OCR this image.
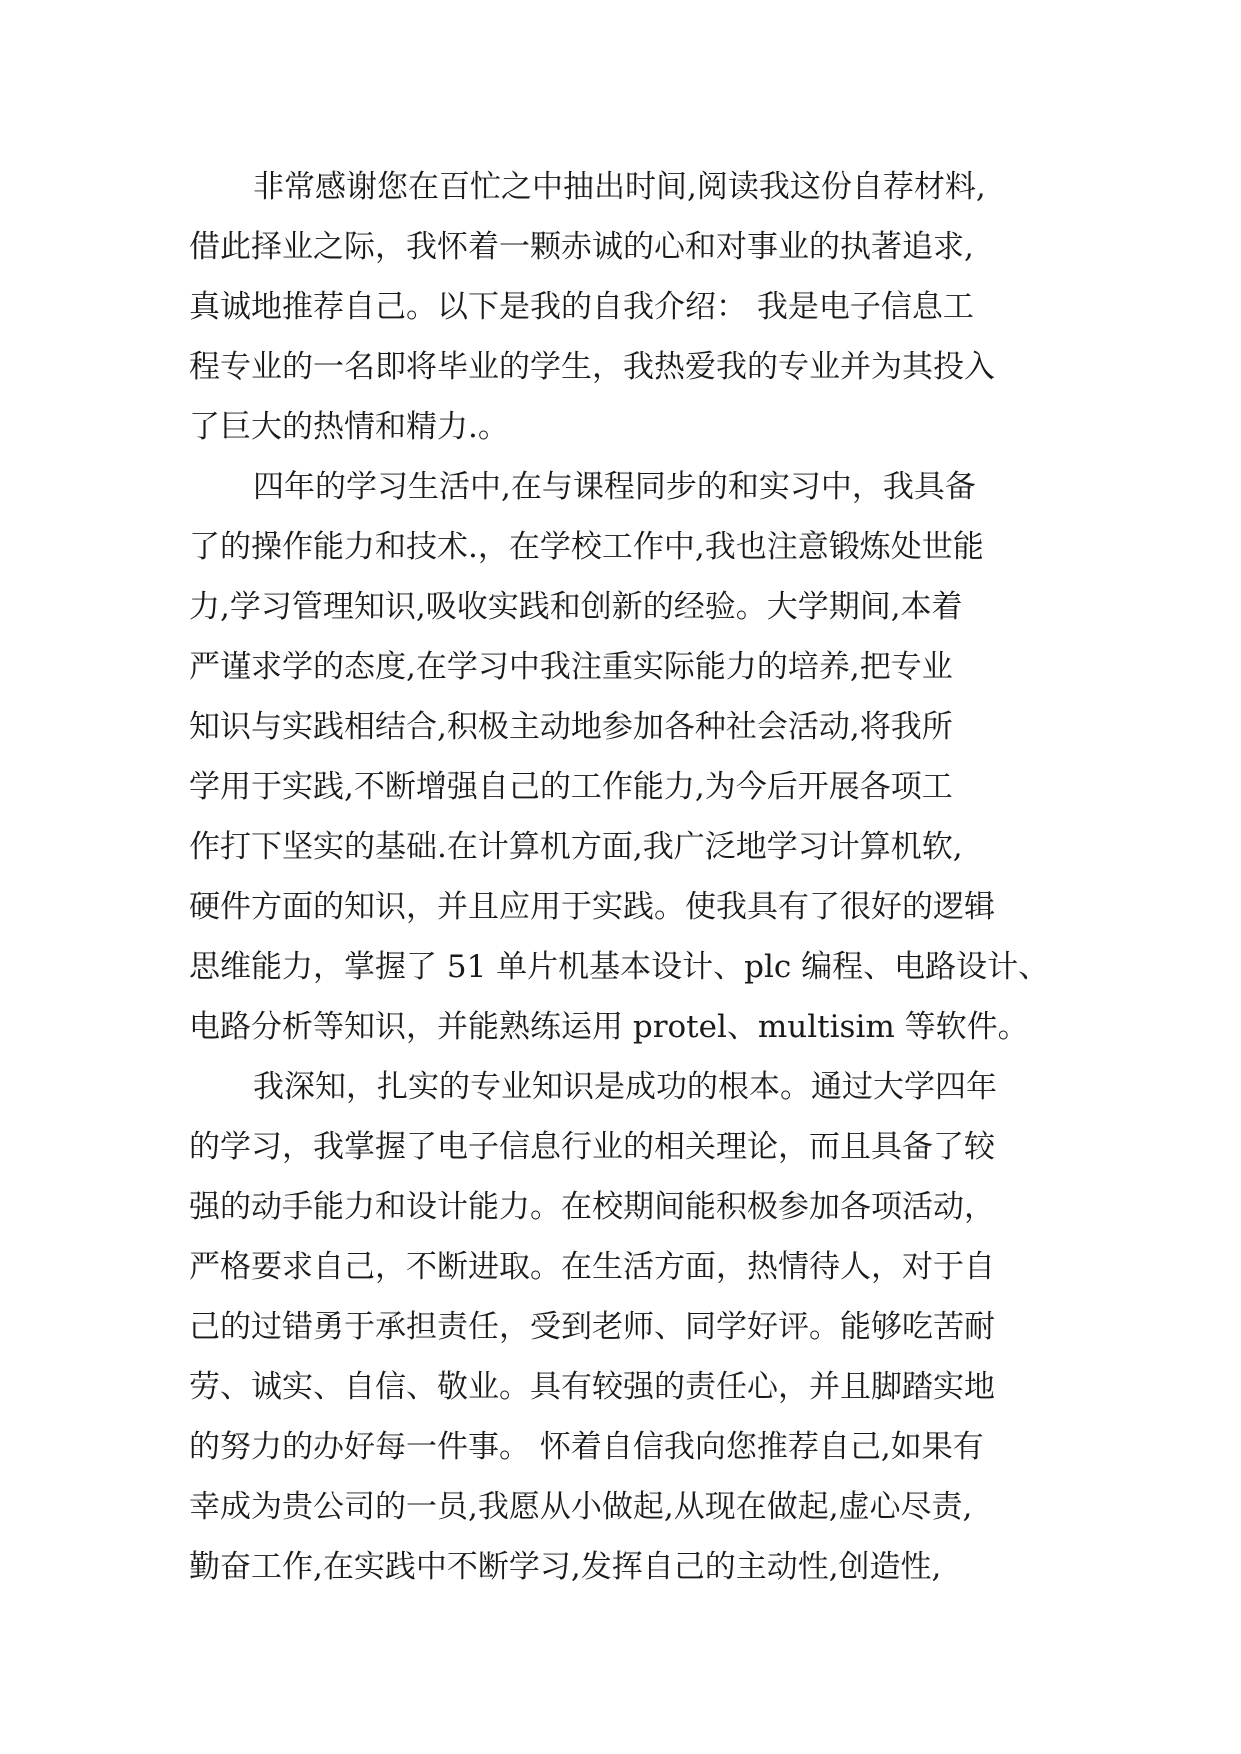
非常感谢您在百忙之中抽出时间,阅读我这份自荐材料,
借此择业之际，我怀着一颗赤诚的心和对事业的执著追求,
真诚地推荐自己。以下是我的自我介绍： 我是电子信息工
程专业的一名即将毕业的学生，我热爱我的专业并为其投入
了巨大的热情和精力.。
四年的学习生活中,在与课程同步的和实习中，我具备
了的操作能力和技术.，在学校工作中,我也注意锻炼处世能
力,学习管理知识,吸收实践和创新的经验。大学期间,本着
严谨求学的态度,在学习中我注重实际能力的培养,把专业
知识与实践相结合,积极主动地参加各种社会活动,将我所
学用于实践,不断增强自己的工作能力,为今后开展各项工
作打下坚实的基础.在计算机方面,我广泛地学习计算机软,
硬件方面的知识，并且应用于实践。使我具有了很好的逻辑
思维能力，掌握了 51 单片机基本设计、plc 编程、电路设计、
电路分析等知识，并能熟练运用 protel、multisim 等软件。
我深知，扎实的专业知识是成功的根本。通过大学四年
的学习，我掌握了电子信息行业的相关理论，而且具备了较
强的动手能力和设计能力。在校期间能积极参加各项活动，
严格要求自己，不断进取。在生活方面，热情待人，对于自
己的过错勇于承担责任，受到老师、同学好评。能够吃苦耐
劳、诚实、自信、敬业。具有较强的责任心，并且脚踏实地
的努力的办好每一件事。 怀着自信我向您推荐自己,如果有
幸成为贵公司的一员,我愿从小做起,从现在做起,虚心尽责,
勤奋工作,在实践中不断学习,发挥自己的主动性,创造性,
